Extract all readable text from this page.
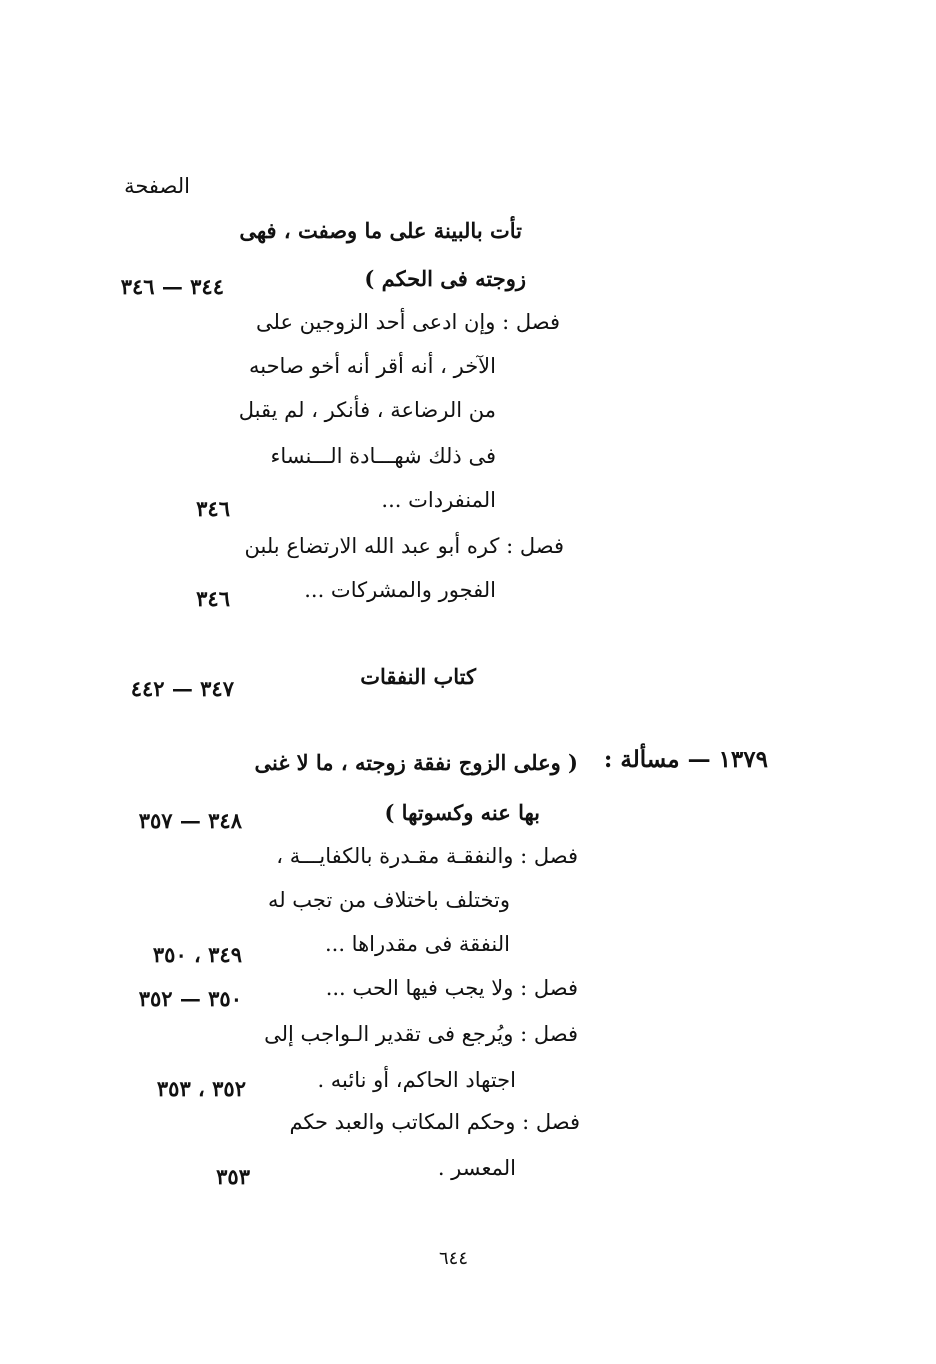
الصفحة
تأت بالبينة على ما وصفت ، فهى
زوجته فى الحكم )
٣٤٤ — ٣٤٦
فصل : وإن ادعى أحد الزوجين على
الآخر ، أنه أقر أنه أخو صاحبه
من الرضاعة ، فأنكر ، لم يقبل
فى ذلك شهـــادة الـــنساء
المنفردات ...
٣٤٦
فصل : كره أبو عبد الله الارتضاع بلبن
الفجور والمشركات ...
٣٤٦
كتاب النفقات
٣٤٧ — ٤٤٢
١٣٧٩ — مسألة :
( وعلى الزوج نفقة زوجته ، ما لا غنى
بها عنه وكسوتها )
٣٤٨ — ٣٥٧
فصل : والنفقـة مقـدرة بالكفايـــة ،
وتختلف باختلاف من تجب له
النفقة فى مقدراها ...
٣٤٩ ، ٣٥٠
فصل : ولا يجب فيها الحب ...
٣٥٠ — ٣٥٢
فصل : ويُرجع فى تقدير الـواجب إلى
اجتهاد الحاكم، أو نائبه .
٣٥٢ ، ٣٥٣
فصل : وحكم المكاتب والعبد حكم
المعسر .
٣٥٣
٦٤٤
